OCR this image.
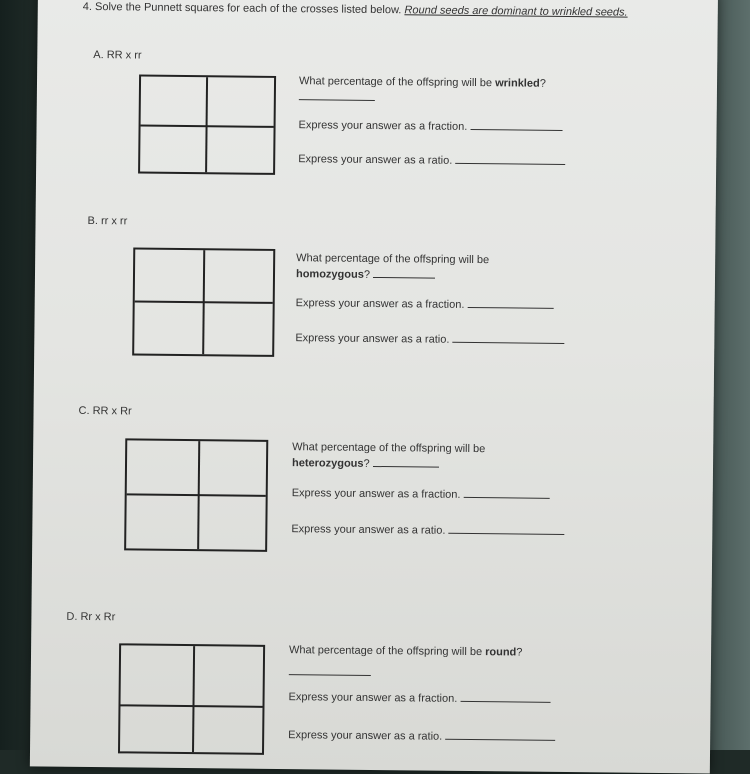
4. Solve the Punnett squares for each of the crosses listed below. Round seeds are dominant to wrinkled seeds.
A. RR x rr
What percentage of the offspring will be wrinkled?

Express your answer as a fraction.
Express your answer as a ratio.
B. rr x rr
What percentage of the offspring will be homozygous?
Express your answer as a fraction.
Express your answer as a ratio.
C. RR x Rr
What percentage of the offspring will be heterozygous?
Express your answer as a fraction.
Express your answer as a ratio.
D. Rr x Rr
What percentage of the offspring will be round?

Express your answer as a fraction.
Express your answer as a ratio.
